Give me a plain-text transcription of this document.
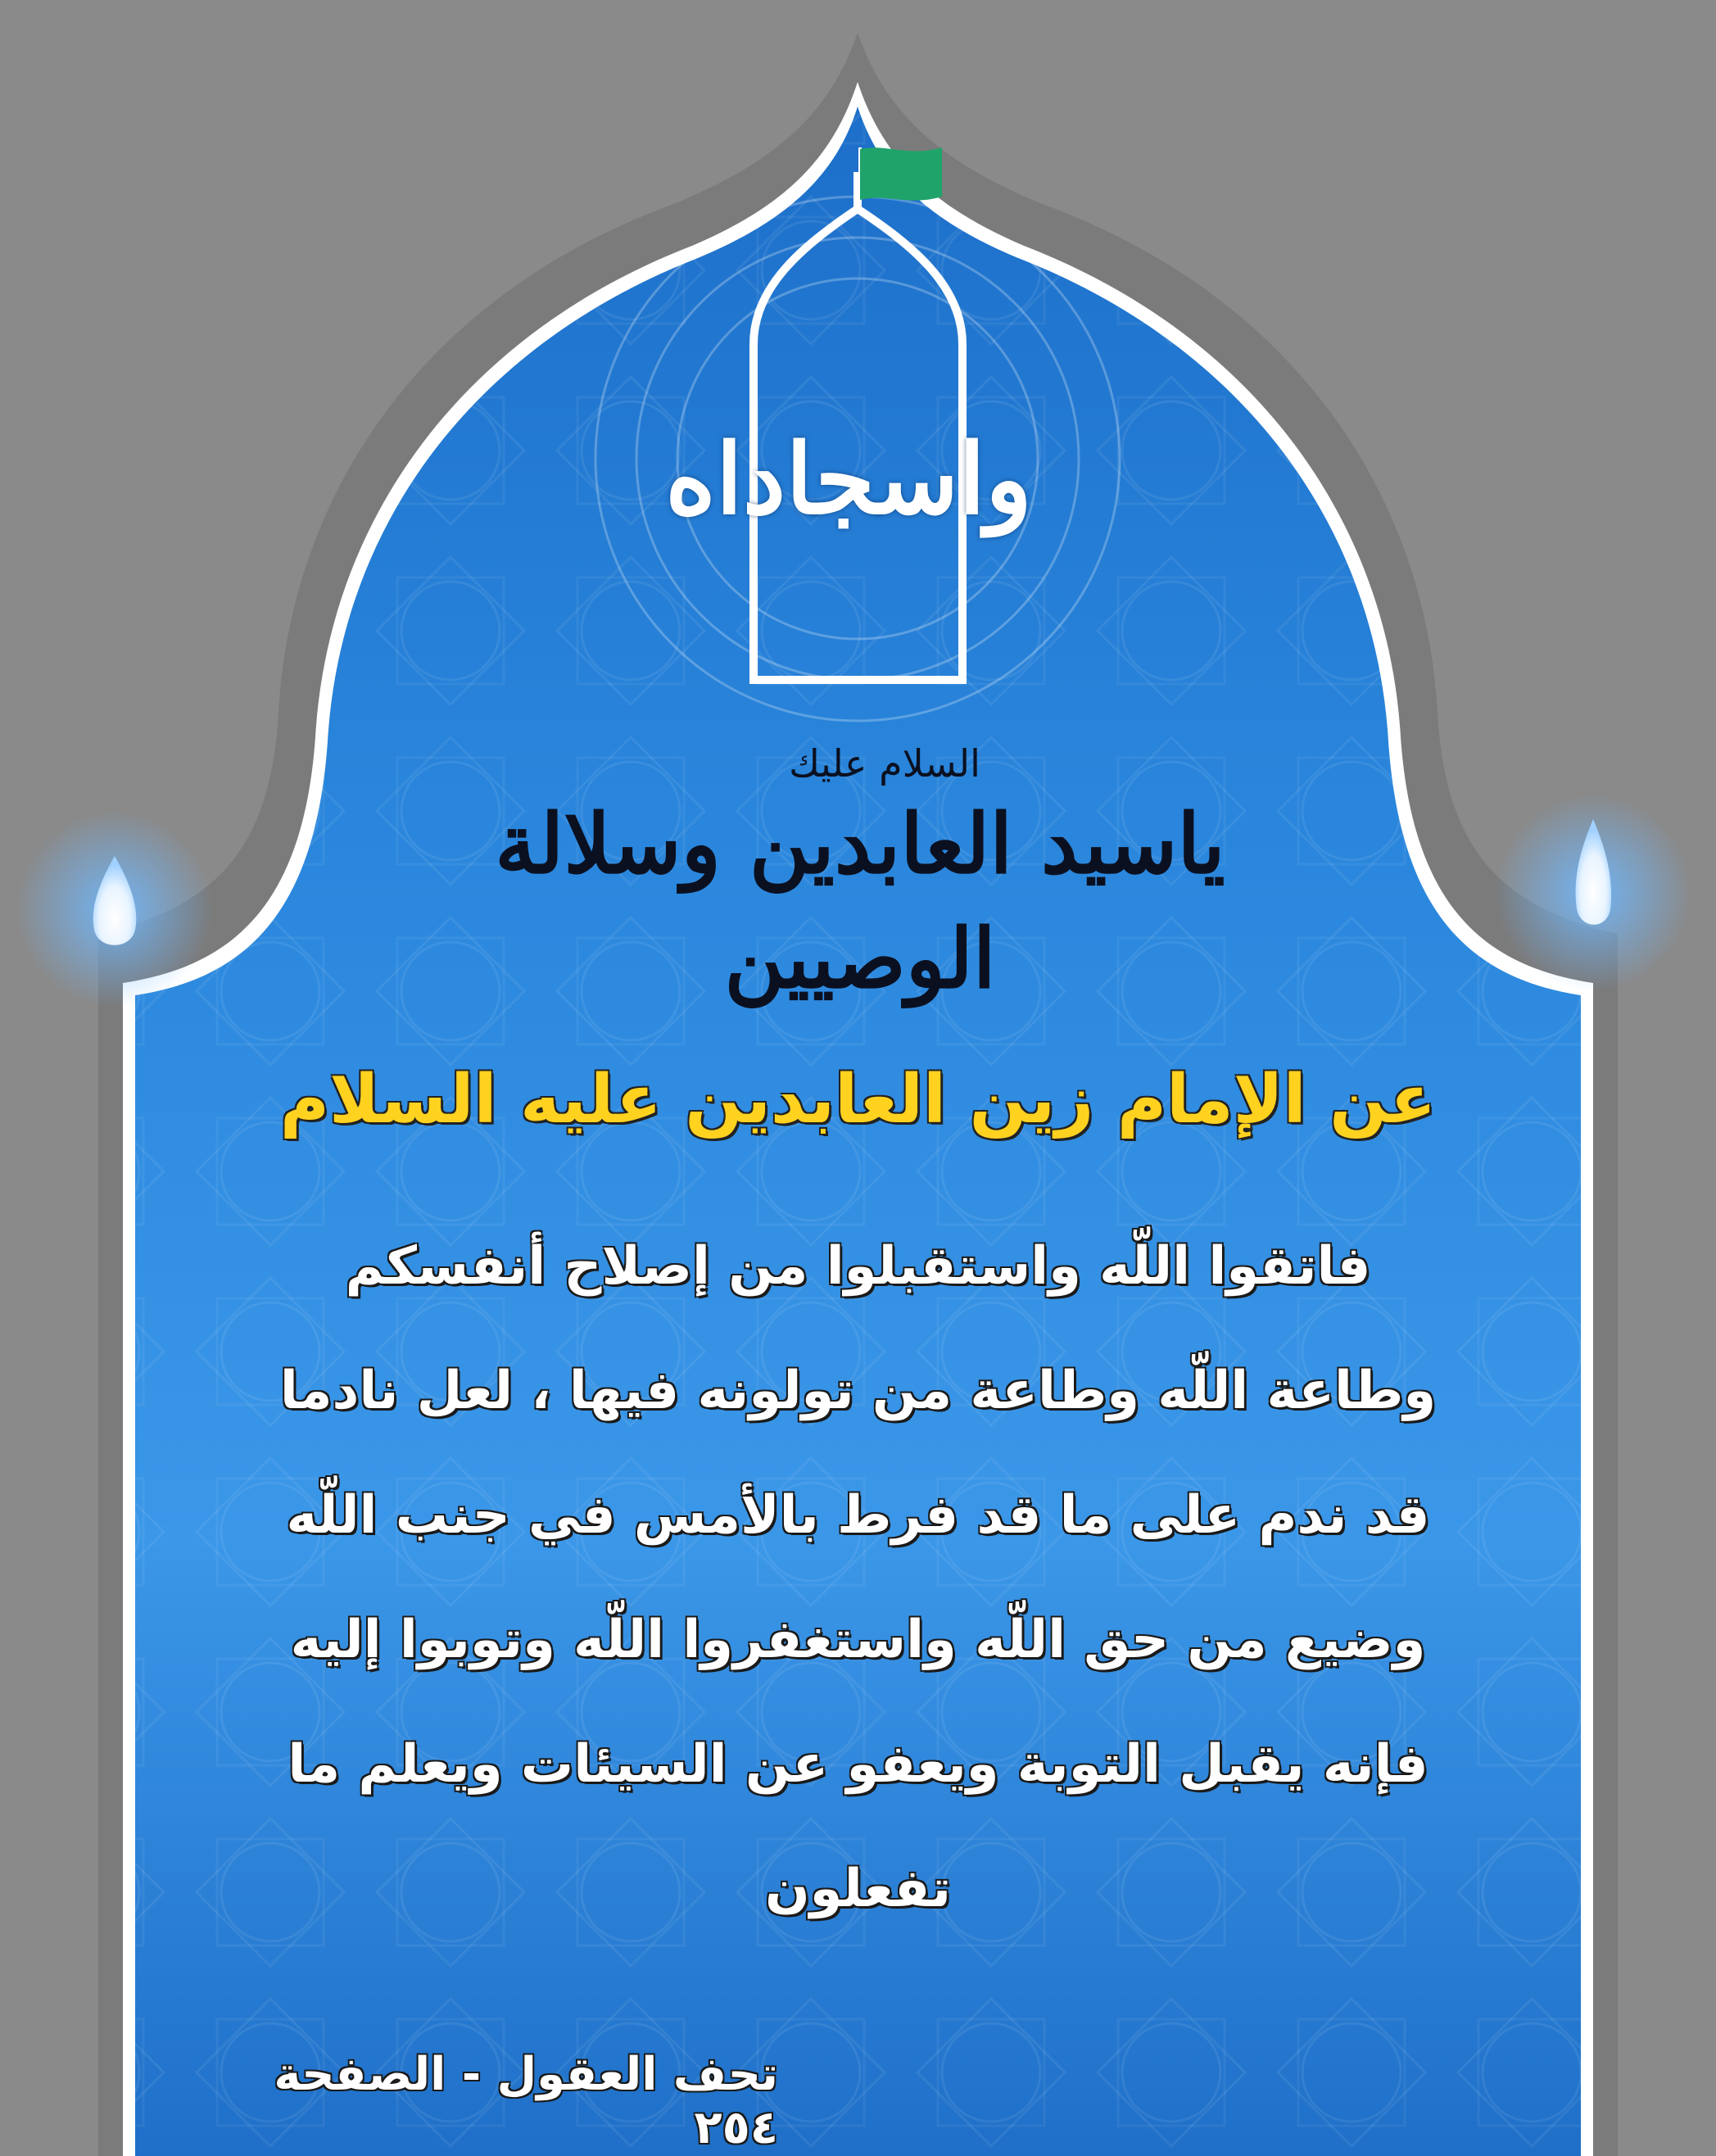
واسجاداه
السلام عليك
ياسيد العابدين وسلالة الوصيين
عن الإمام زين العابدين عليه السلام
فاتقوا اللّه واستقبلوا من إصلاح أنفسكم
وطاعة اللّه وطاعة من تولونه فيها ، لعل نادما
قد ندم على ما قد فرط بالأمس في جنب اللّه
وضيع من حق اللّه واستغفروا اللّه وتوبوا إليه
فإنه يقبل التوبة ويعفو عن السيئات ويعلم ما
تفعلون
تحف العقول - الصفحة ٢٥٤
